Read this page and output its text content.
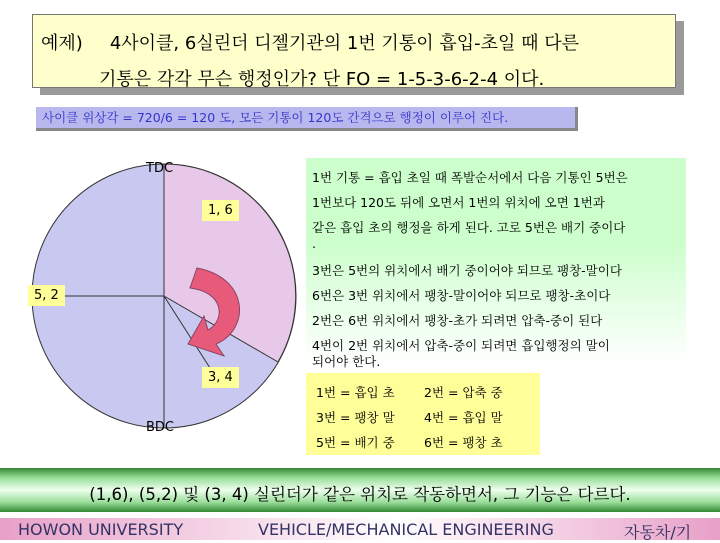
예제) 4사이클, 6실린더 디젤기관의 1번 기통이 흡입-초일 때 다른
기통은 각각 무슨 행정인가? 단 FO = 1-5-3-6-2-4 이다.
사이클 위상각 = 720/6 = 120 도, 모든 기통이 120도 간격으로 행정이 이루어 진다.
TDC
BDC
1, 6
5, 2
3, 4
1번 기통 = 흡입 초일 때 폭발순서에서 다음 기통인 5번은
1번보다 120도 뒤에 오면서 1번의 위치에 오면 1번과
같은 흡입 초의 행정을 하게 된다. 고로 5번은 배기 중이다
.
3번은 5번의 위치에서 배기 중이어야 되므로 팽창-말이다
6번은 3번 위치에서 팽창-말이어야 되므로 팽창-초이다
2번은 6번 위치에서 팽창-초가 되려면 압축-중이 된다
4번이 2번 위치에서 압축-중이 되려면 흡입행정의 말이
되어야 한다.
1번 = 흡입 초 2번 = 압축 중
3번 = 팽창 말 4번 = 흡입 말
5번 = 배기 중 6번 = 팽창 초
(1,6), (5,2) 및 (3, 4) 실린더가 같은 위치로 작동하면서, 그 기능은 다르다.
HOWON UNIVERSITY	VEHICLE/MECHANICAL ENGINEERING	자동차/기
